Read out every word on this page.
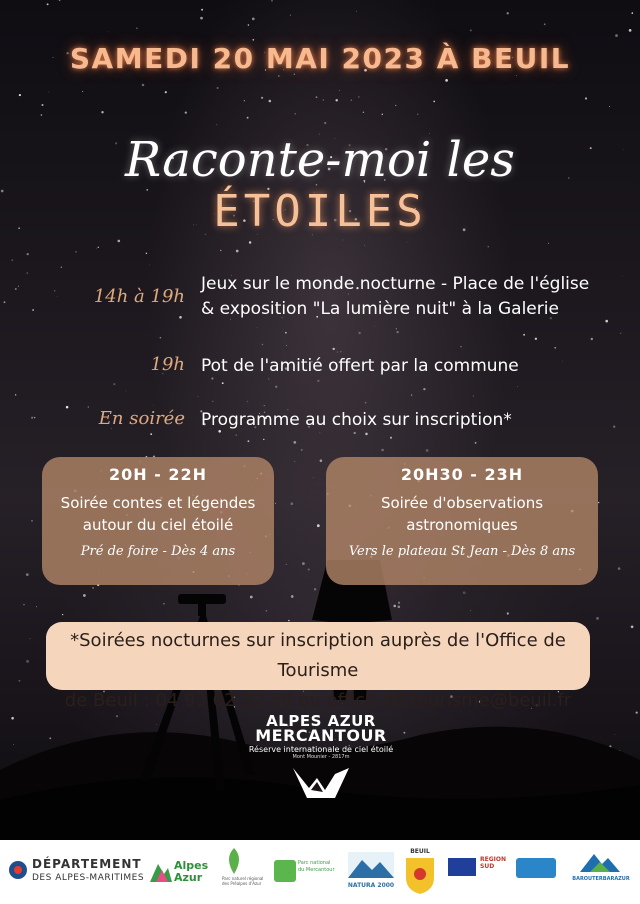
SAMEDI 20 MAI 2023 À BEUIL
Raconte-moi les
ÉTOILES
14h à 19h
Jeux sur le monde nocturne - Place de l'église & exposition "La lumière nuit" à la Galerie
19h Pot de l'amitié offert par la commune
En soirée Programme au choix sur inscription*
20H - 22H
Soirée contes et légendes
autour du ciel étoilé
Pré de foire - Dès 4 ans
20H30 - 23H
Soirée d'observations
astronomiques
Vers le plateau St Jean - Dès 8 ans
*Soirées nocturnes sur inscription auprès de l'Office de Tourisme
de Beuil : 04 93 02 32 58 ou office.de.tourisme@beuil.fr
ALPES AZUR
MERCANTOUR
Réserve internationale de ciel étoilé
Mont Mounier - 2817m
DÉPARTEMENT
DES ALPES-MARITIMES
Alpes Azur	Parc naturel régional des Préalpes d'Azur
Parc national du Mercantour
NATURA 2000
BEUIL
REGION SUD
BAROUTERBARAZUR
